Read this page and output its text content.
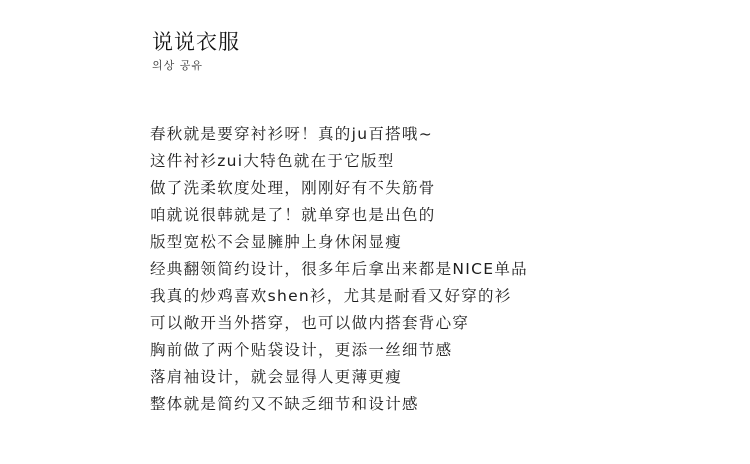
说说衣服
의상 공유
春秋就是要穿衬衫呀！真的ju百搭哦~
这件衬衫zui大特色就在于它版型
做了洗柔软度处理，刚刚好有不失筋骨
咱就说很韩就是了！就单穿也是出色的
版型宽松不会显臃肿上身休闲显瘦
经典翻领简约设计，很多年后拿出来都是NICE单品
我真的炒鸡喜欢shen衫，尤其是耐看又好穿的衫
可以敞开当外搭穿，也可以做内搭套背心穿
胸前做了两个贴袋设计，更添一丝细节感
落肩袖设计，就会显得人更薄更瘦
整体就是简约又不缺乏细节和设计感
